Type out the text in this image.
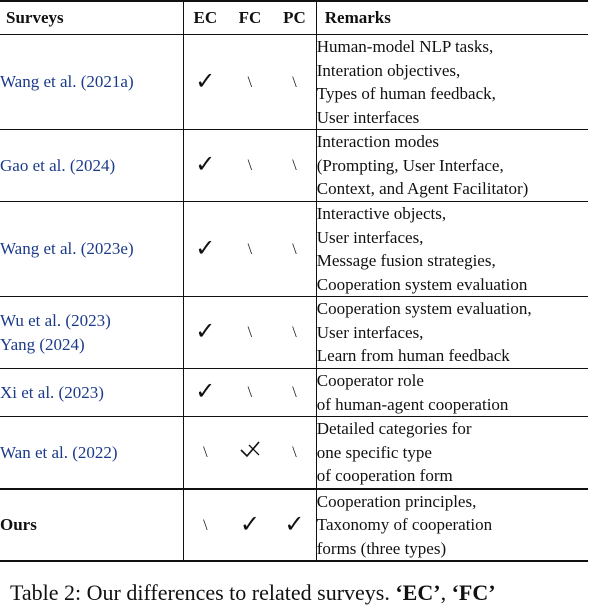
Surveys	EC	FC	PC	Remarks

Wang et al. (2021a)	✓	\	\	Human-model NLP tasks,
Interation objectives,
Types of human feedback,
User interfaces

Gao et al. (2024)	✓	\	\	Interaction modes
(Prompting, User Interface,
Context, and Agent Facilitator)

Wang et al. (2023e)	✓	\	\	Interactive objects,
User interfaces,
Message fusion strategies,
Cooperation system evaluation

Wu et al. (2023)
Yang (2024)	✓	\	\	Cooperation system evaluation,
User interfaces,
Learn from human feedback

Xi et al. (2023)	✓	\	\	Cooperator role
of human-agent cooperation

Wan et al. (2022)	\		\	Detailed categories for
one specific type
of cooperation form

Ours	\	✓	✓	Cooperation principles,
Taxonomy of cooperation
forms (three types)
Table 2: Our differences to related surveys. ‘EC’, ‘FC’
